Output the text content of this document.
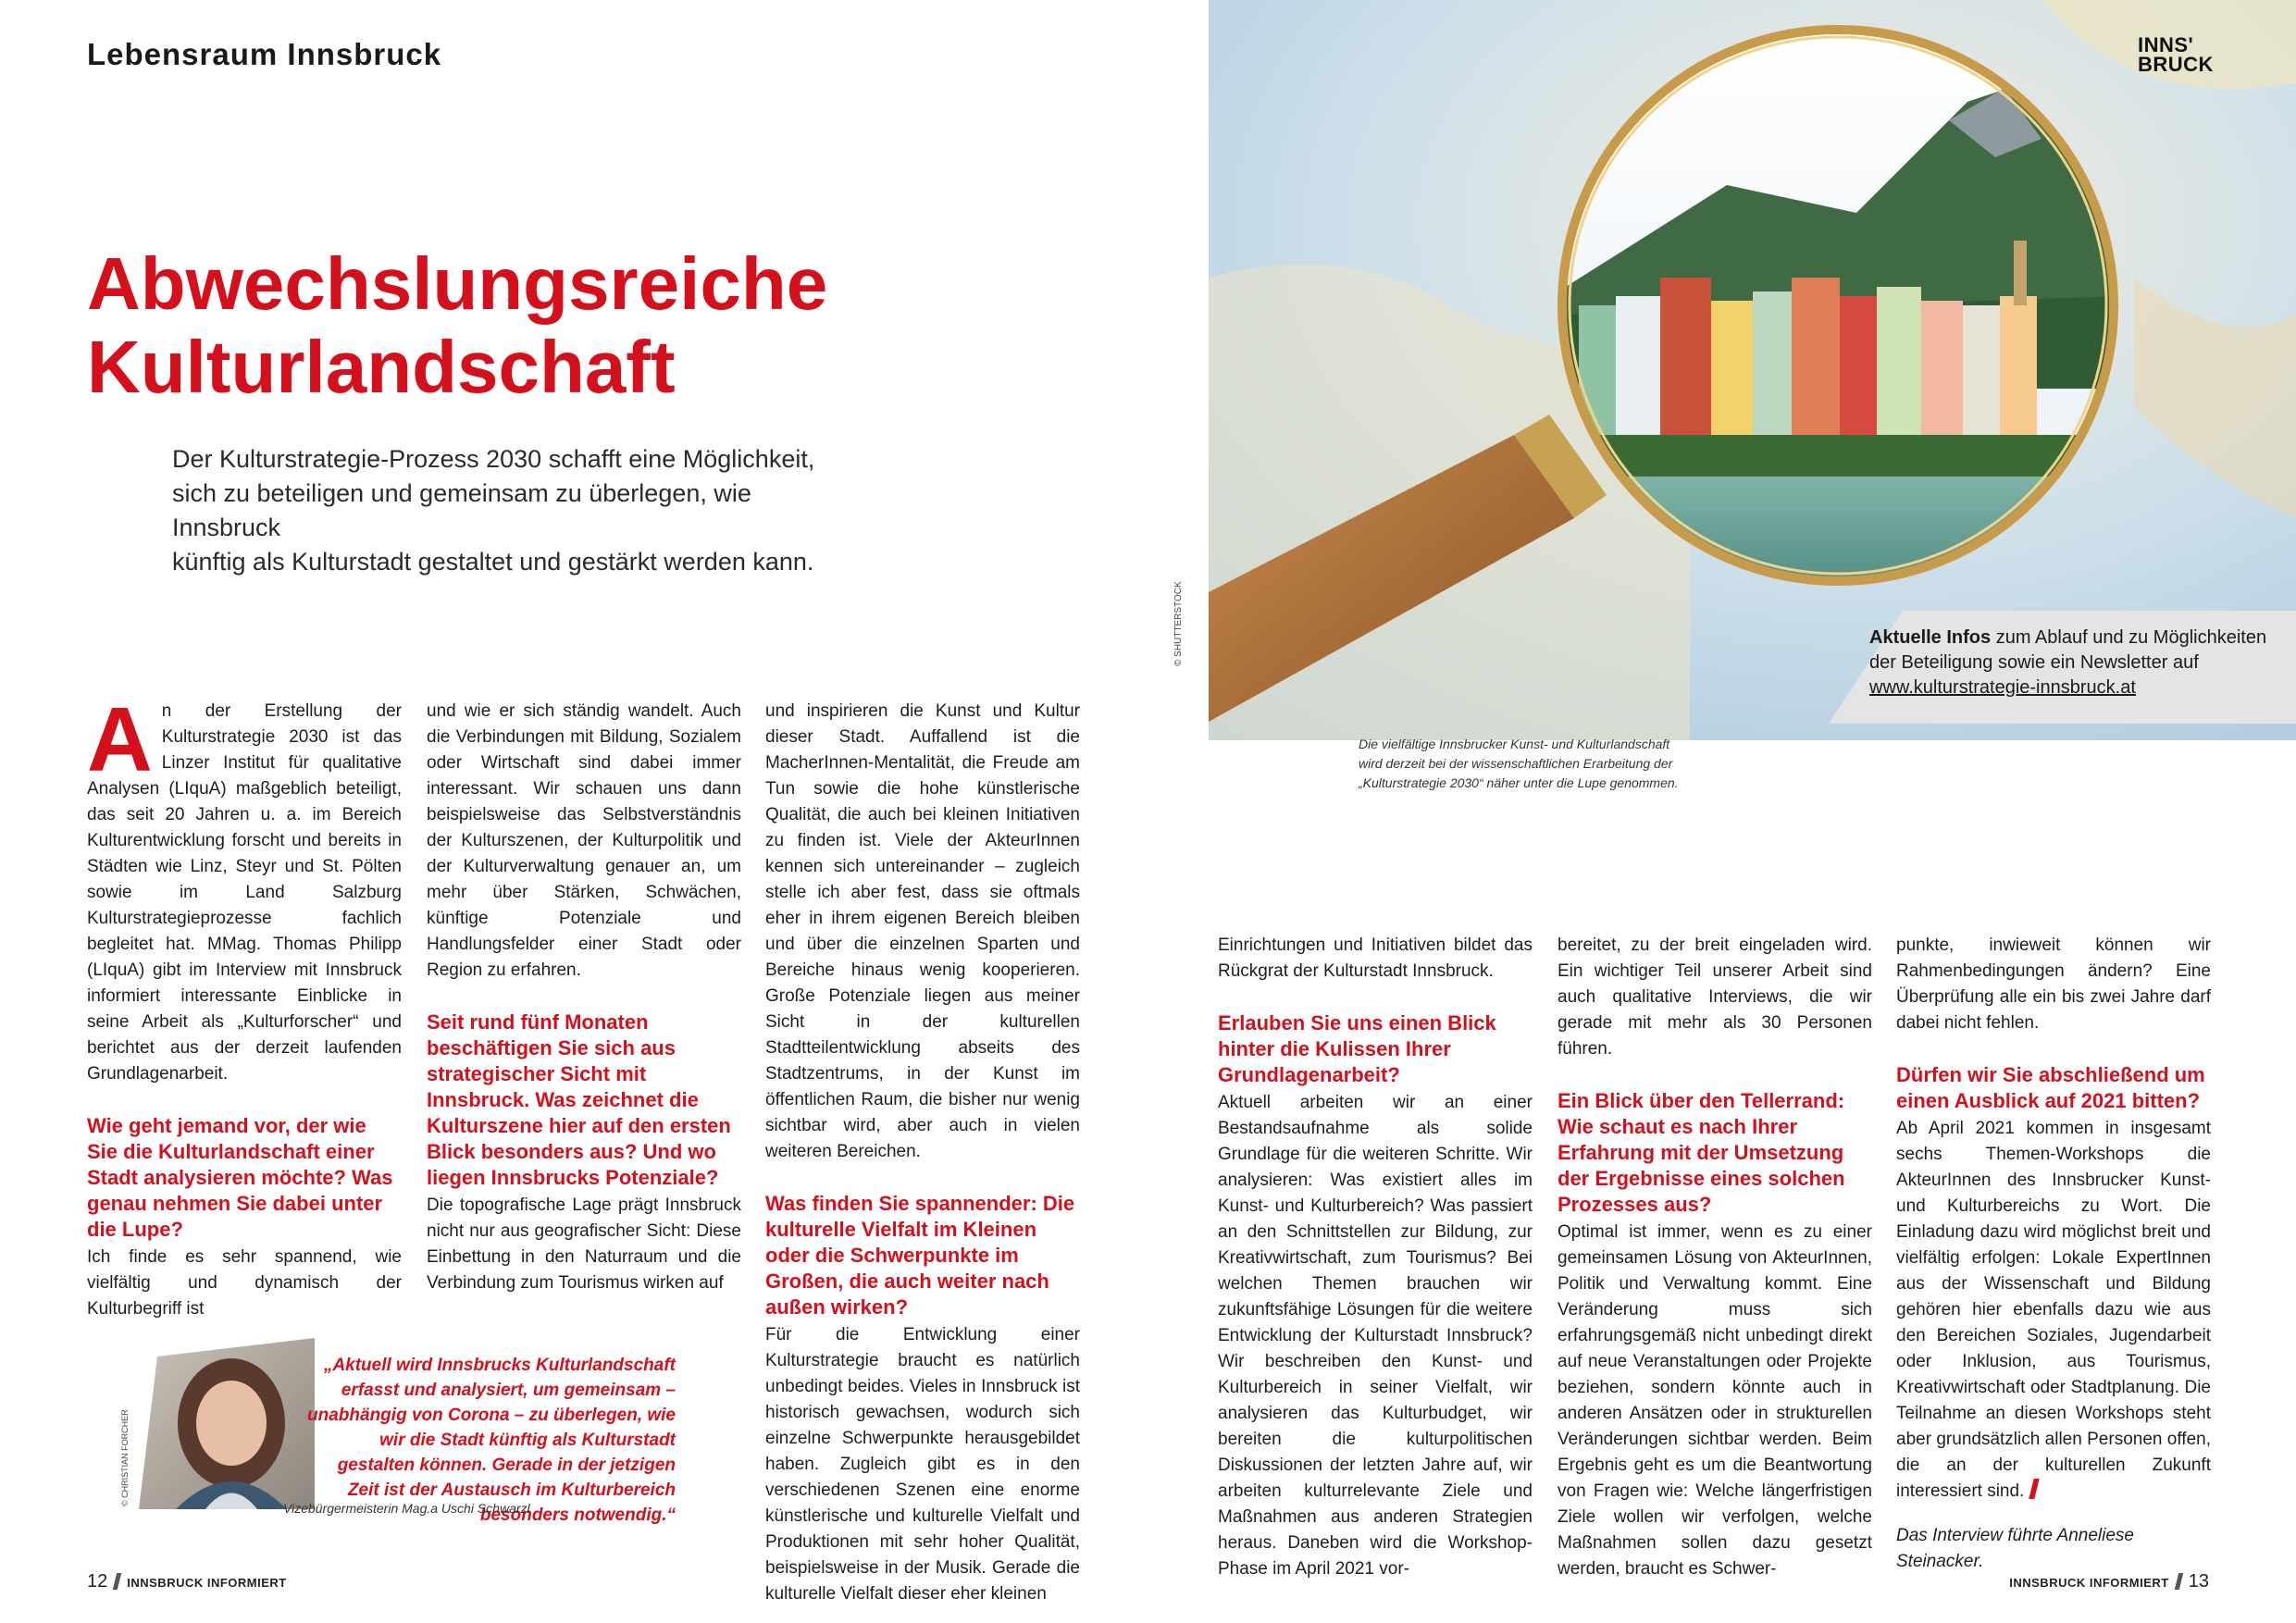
Lebensraum Innsbruck
Abwechslungsreiche
Kulturlandschaft
Der Kulturstrategie-Prozess 2030 schafft eine Möglichkeit,
sich zu beteiligen und gemeinsam zu überlegen, wie Innsbruck
künftig als Kulturstadt gestaltet und gestärkt werden kann.

An der Erstellung der Kulturstrategie 2030 ist das Linzer Institut für qualitative Analysen (LIquA) maßgeblich beteiligt, das seit 20 Jahren u. a. im Bereich Kulturentwicklung forscht und bereits in Städten wie Linz, Steyr und St. Pölten sowie im Land Salzburg Kulturstrategieprozesse fachlich begleitet hat. MMag. Thomas Philipp (LIquA) gibt im Interview mit Innsbruck informiert interessante Einblicke in seine Arbeit als „Kulturforscher“ und berichtet aus der derzeit laufenden Grundlagenarbeit.

Wie geht jemand vor, der wie Sie die Kulturlandschaft einer Stadt analysieren möchte? Was genau nehmen Sie dabei unter die Lupe?

Ich finde es sehr spannend, wie vielfältig und dynamisch der Kulturbegriff ist

und wie er sich ständig wandelt. Auch die Verbindungen mit Bildung, Sozialem oder Wirtschaft sind dabei immer interessant. Wir schauen uns dann beispielsweise das Selbstverständnis der Kulturszenen, der Kulturpolitik und der Kulturverwaltung genauer an, um mehr über Stärken, Schwächen, künftige Potenziale und Handlungsfelder einer Stadt oder Region zu erfahren.

Seit rund fünf Monaten beschäftigen Sie sich aus strategischer Sicht mit Innsbruck. Was zeichnet die Kulturszene hier auf den ersten Blick besonders aus? Und wo liegen Innsbrucks Potenziale?

Die topografische Lage prägt Innsbruck nicht nur aus geografischer Sicht: Diese Einbettung in den Naturraum und die Verbindung zum Tourismus wirken auf

und inspirieren die Kunst und Kultur dieser Stadt. Auffallend ist die MacherInnen-Mentalität, die Freude am Tun sowie die hohe künstlerische Qualität, die auch bei kleinen Initiativen zu finden ist. Viele der AkteurInnen kennen sich untereinander – zugleich stelle ich aber fest, dass sie oftmals eher in ihrem eigenen Bereich bleiben und über die einzelnen Sparten und Bereiche hinaus wenig kooperieren. Große Potenziale liegen aus meiner Sicht in der kulturellen Stadtteilentwicklung abseits des Stadtzentrums, in der Kunst im öffentlichen Raum, die bisher nur wenig sichtbar wird, aber auch in vielen weiteren Bereichen.

Was finden Sie spannender: Die kulturelle Vielfalt im Kleinen oder die Schwerpunkte im Großen, die auch weiter nach außen wirken?

Für die Entwicklung einer Kulturstrategie braucht es natürlich unbedingt beides. Vieles in Innsbruck ist historisch gewachsen, wodurch sich einzelne Schwerpunkte herausgebildet haben. Zugleich gibt es in den verschiedenen Szenen eine enorme künstlerische und kulturelle Vielfalt und Produktionen mit sehr hoher Qualität, beispielsweise in der Musik. Gerade die kulturelle Vielfalt dieser eher kleinen

© CHRISTIAN FORCHER
„Aktuell wird Innsbrucks Kulturlandschaft erfasst und analysiert, um gemeinsam – unabhängig von Corona – zu überlegen, wie wir die Stadt künftig als Kulturstadt gestalten können. Gerade in der jetzigen Zeit ist der Austausch im Kulturbereich besonders notwendig.“
Vizebürgermeisterin Mag.a Uschi Schwarzl
12 INNSBRUCK INFORMIERT
INNS'
BRUCK
Aktuelle Infos zum Ablauf und zu Möglichkeiten der Beteiligung sowie ein Newsletter auf www.kulturstrategie-innsbruck.at
© SHUTTERSTOCK
Die vielfältige Innsbrucker Kunst- und Kulturlandschaft
wird derzeit bei der wissenschaftlichen Erarbeitung der
„Kulturstrategie 2030“ näher unter die Lupe genommen.

Einrichtungen und Initiativen bildet das Rückgrat der Kulturstadt Innsbruck.

Erlauben Sie uns einen Blick hinter die Kulissen Ihrer Grundlagenarbeit?

Aktuell arbeiten wir an einer Bestandsaufnahme als solide Grundlage für die weiteren Schritte. Wir analysieren: Was existiert alles im Kunst- und Kulturbereich? Was passiert an den Schnittstellen zur Bildung, zur Kreativwirtschaft, zum Tourismus? Bei welchen Themen brauchen wir zukunftsfähige Lösungen für die weitere Entwicklung der Kulturstadt Innsbruck? Wir beschreiben den Kunst- und Kulturbereich in seiner Vielfalt, wir analysieren das Kulturbudget, wir bereiten die kulturpolitischen Diskussionen der letzten Jahre auf, wir arbeiten kulturrelevante Ziele und Maßnahmen aus anderen Strategien heraus. Daneben wird die Workshop-Phase im April 2021 vor-

bereitet, zu der breit eingeladen wird. Ein wichtiger Teil unserer Arbeit sind auch qualitative Interviews, die wir gerade mit mehr als 30 Personen führen.

Ein Blick über den Tellerrand: Wie schaut es nach Ihrer Erfahrung mit der Umsetzung der Ergebnisse eines solchen Prozesses aus?

Optimal ist immer, wenn es zu einer gemeinsamen Lösung von AkteurInnen, Politik und Verwaltung kommt. Eine Veränderung muss sich erfahrungsgemäß nicht unbedingt direkt auf neue Veranstaltungen oder Projekte beziehen, sondern könnte auch in anderen Ansätzen oder in strukturellen Veränderungen sichtbar werden. Beim Ergebnis geht es um die Beantwortung von Fragen wie: Welche längerfristigen Ziele wollen wir verfolgen, welche Maßnahmen sollen dazu gesetzt werden, braucht es Schwer-

punkte, inwieweit können wir Rahmenbedingungen ändern? Eine Überprüfung alle ein bis zwei Jahre darf dabei nicht fehlen.

Dürfen wir Sie abschließend um einen Ausblick auf 2021 bitten?

Ab April 2021 kommen in insgesamt sechs Themen-Workshops die AkteurInnen des Innsbrucker Kunst- und Kulturbereichs zu Wort. Die Einladung dazu wird möglichst breit und vielfältig erfolgen: Lokale ExpertInnen aus der Wissenschaft und Bildung gehören hier ebenfalls dazu wie aus den Bereichen Soziales, Jugendarbeit oder Inklusion, aus Tourismus, Kreativwirtschaft oder Stadtplanung. Die Teilnahme an diesen Workshops steht aber grundsätzlich allen Personen offen, die an der kulturellen Zukunft interessiert sind.

Das Interview führte Anneliese Steinacker.

INNSBRUCK INFORMIERT 13
